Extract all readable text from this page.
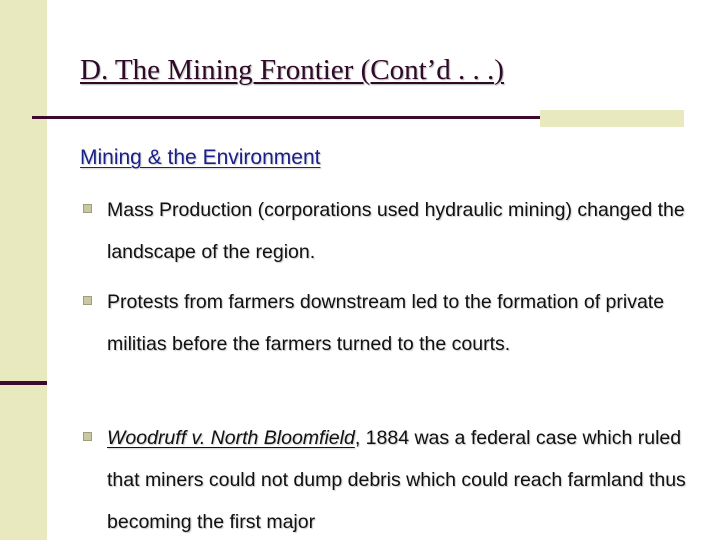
D. The Mining Frontier (Cont’d . . .)
Mining & the Environment
Mass Production (corporations used hydraulic mining) changed the landscape of the region.
Protests from farmers downstream led to the formation of private militias before the farmers turned to the courts.
Woodruff v. North Bloomfield, 1884 was a federal case which ruled that miners could not dump debris which could reach farmland thus becoming the first major
